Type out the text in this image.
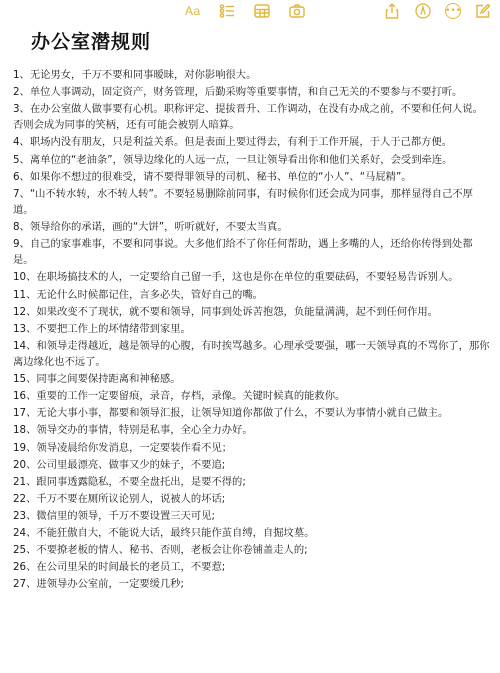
Aa	•••
办公室潜规则
1、无论男女，千万不要和同事暧昧，对你影响很大。
2、单位人事调动，固定资产，财务管理，后勤采购等重要事情，和自己无关的不要参与不要打听。
3、在办公室做人做事要有心机。职称评定、提拔晋升、工作调动，在没有办成之前，不要和任何人说。否则会成为同事的笑柄，还有可能会被别人暗算。
4、职场内没有朋友，只是利益关系。但是表面上要过得去，有利于工作开展，于人于己都方便。
5、离单位的“老油条”，领导边缘化的人远一点，一旦让领导看出你和他们关系好，会受到牵连。
6、如果你不想过的很难受，请不要得罪领导的司机、秘书、单位的“小人”、“马屁精”。
7、“山不转水转，水不转人转”。不要轻易删除前同事，有时候你们还会成为同事，那样显得自己不厚道。
8、领导给你的承诺，画的“大饼”，听听就好，不要太当真。
9、自己的家事难事，不要和同事说。大多他们给不了你任何帮助，遇上多嘴的人，还给你传得到处都是。
10、在职场搞技术的人，一定要给自己留一手，这也是你在单位的重要砝码，不要轻易告诉别人。
11、无论什么时候都记住，言多必失，管好自己的嘴。
12、如果改变不了现状，就不要和领导，同事到处诉苦抱怨，负能量满满，起不到任何作用。
13、不要把工作上的坏情绪带到家里。
14、和领导走得越近，越是领导的心腹，有时挨骂越多。心理承受要强，哪一天领导真的不骂你了，那你离边缘化也不远了。
15、同事之间要保持距离和神秘感。
16、重要的工作一定要留痕，录音，存档，录像。关键时候真的能救你。
17、无论大事小事，都要和领导汇报，让领导知道你都做了什么，不要认为事情小就自己做主。
18、领导交办的事情，特别是私事，全心全力办好。
19、领导凌晨给你发消息，一定要装作看不见；
20、公司里最漂亮、做事又少的妹子，不要追;
21、跟同事透露隐私，不要全盘托出，是要不得的;
22、千万不要在厕所议论别人，说被人的坏话;
23、微信里的领导，千万不要设置三天可见;
24、不能狂傲自大，不能说大话，最终只能作茧自缚，自掘坟墓。
25、不要撩老板的情人、秘书、否则，老板会让你卷铺盖走人的;
26、在公司里呆的时间最长的老员工，不要惹;
27、进领导办公室前，一定要缓几秒;
